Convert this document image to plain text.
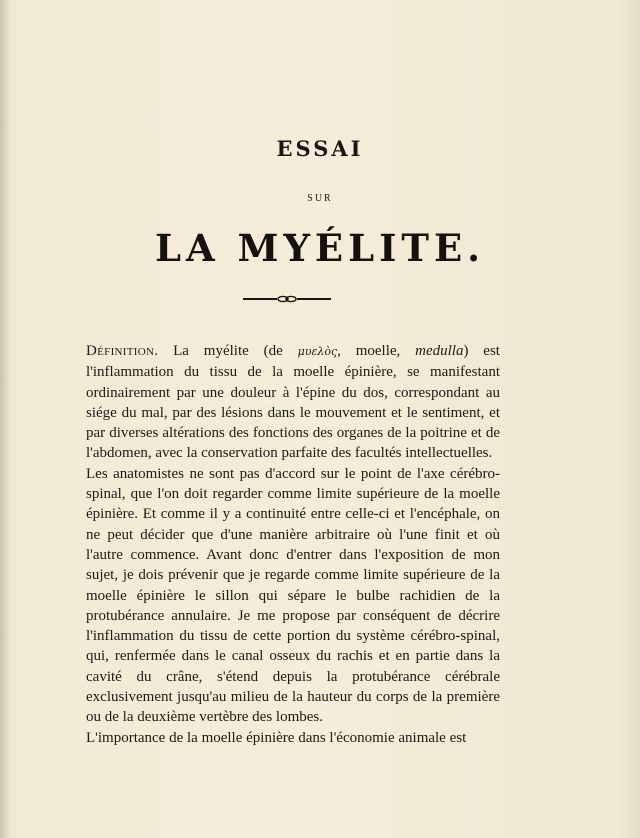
ESSAI
SUR
LA MYÉLITE.

Définition. La myélite (de μυελὸς, moelle, medulla) est l'inflammation du tissu de la moelle épinière, se manifestant ordinairement par une douleur à l'épine du dos, correspondant au siége du mal, par des lésions dans le mouvement et le sentiment, et par diverses altérations des fonctions des organes de la poitrine et de l'abdomen, avec la conservation parfaite des facultés intellectuelles.

Les anatomistes ne sont pas d'accord sur le point de l'axe cérébro-spinal, que l'on doit regarder comme limite supérieure de la moelle épinière. Et comme il y a continuité entre celle-ci et l'encéphale, on ne peut décider que d'une manière arbitraire où l'une finit et où l'autre commence. Avant donc d'entrer dans l'exposition de mon sujet, je dois prévenir que je regarde comme limite supérieure de la moelle épinière le sillon qui sépare le bulbe rachidien de la protubérance annulaire. Je me propose par conséquent de décrire l'inflammation du tissu de cette portion du système cérébro-spinal, qui, renfermée dans le canal osseux du rachis et en partie dans la cavité du crâne, s'étend depuis la protubérance cérébrale exclusivement jusqu'au milieu de la hauteur du corps de la première ou de la deuxième vertèbre des lombes.

L'importance de la moelle épinière dans l'économie animale est
